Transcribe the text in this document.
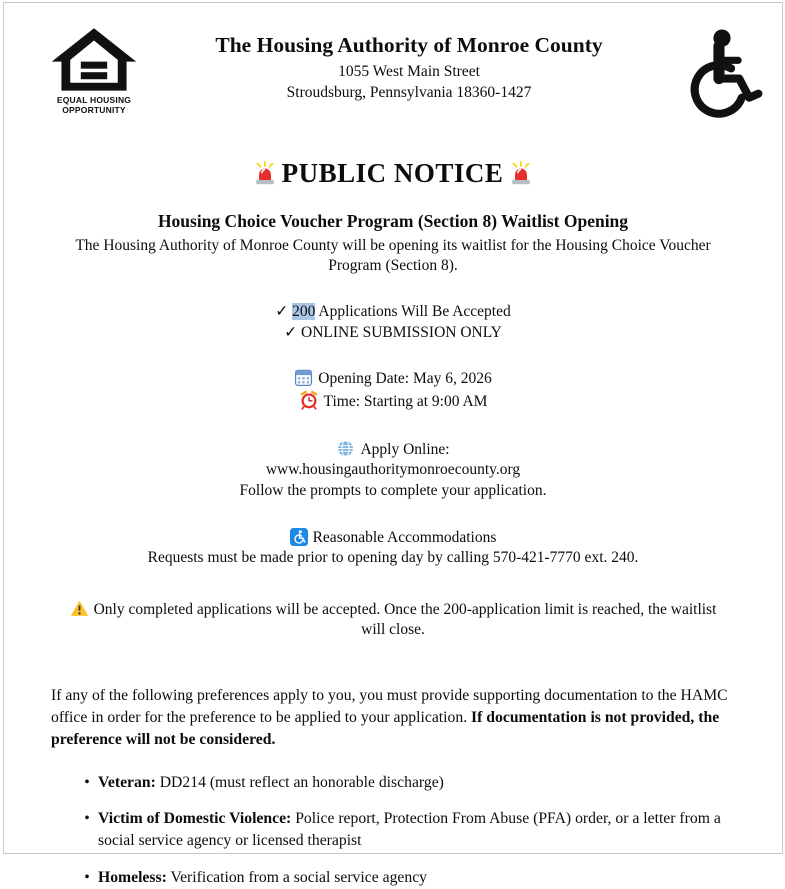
EQUAL HOUSING
OPPORTUNITY
The Housing Authority of Monroe County
1055 West Main Street
Stroudsburg, Pennsylvania 18360-1427
PUBLIC NOTICE
Housing Choice Voucher Program (Section 8) Waitlist Opening
The Housing Authority of Monroe County will be opening its waitlist for the Housing Choice Voucher Program (Section 8).
✓ 200 Applications Will Be Accepted
✓ ONLINE SUBMISSION ONLY
Opening Date: May 6, 2026
Time: Starting at 9:00 AM
Apply Online:
www.housingauthoritymonroecounty.org
Follow the prompts to complete your application.
Reasonable Accommodations
Requests must be made prior to opening day by calling 570-421-7770 ext. 240.
Only completed applications will be accepted. Once the 200-application limit is reached, the waitlist will close.
If any of the following preferences apply to you, you must provide supporting documentation to the HAMC office in order for the preference to be applied to your application. If documentation is not provided, the preference will not be considered.
• Veteran: DD214 (must reflect an honorable discharge)
• Victim of Domestic Violence: Police report, Protection From Abuse (PFA) order, or a letter from a social service agency or licensed therapist
• Homeless: Verification from a social service agency
